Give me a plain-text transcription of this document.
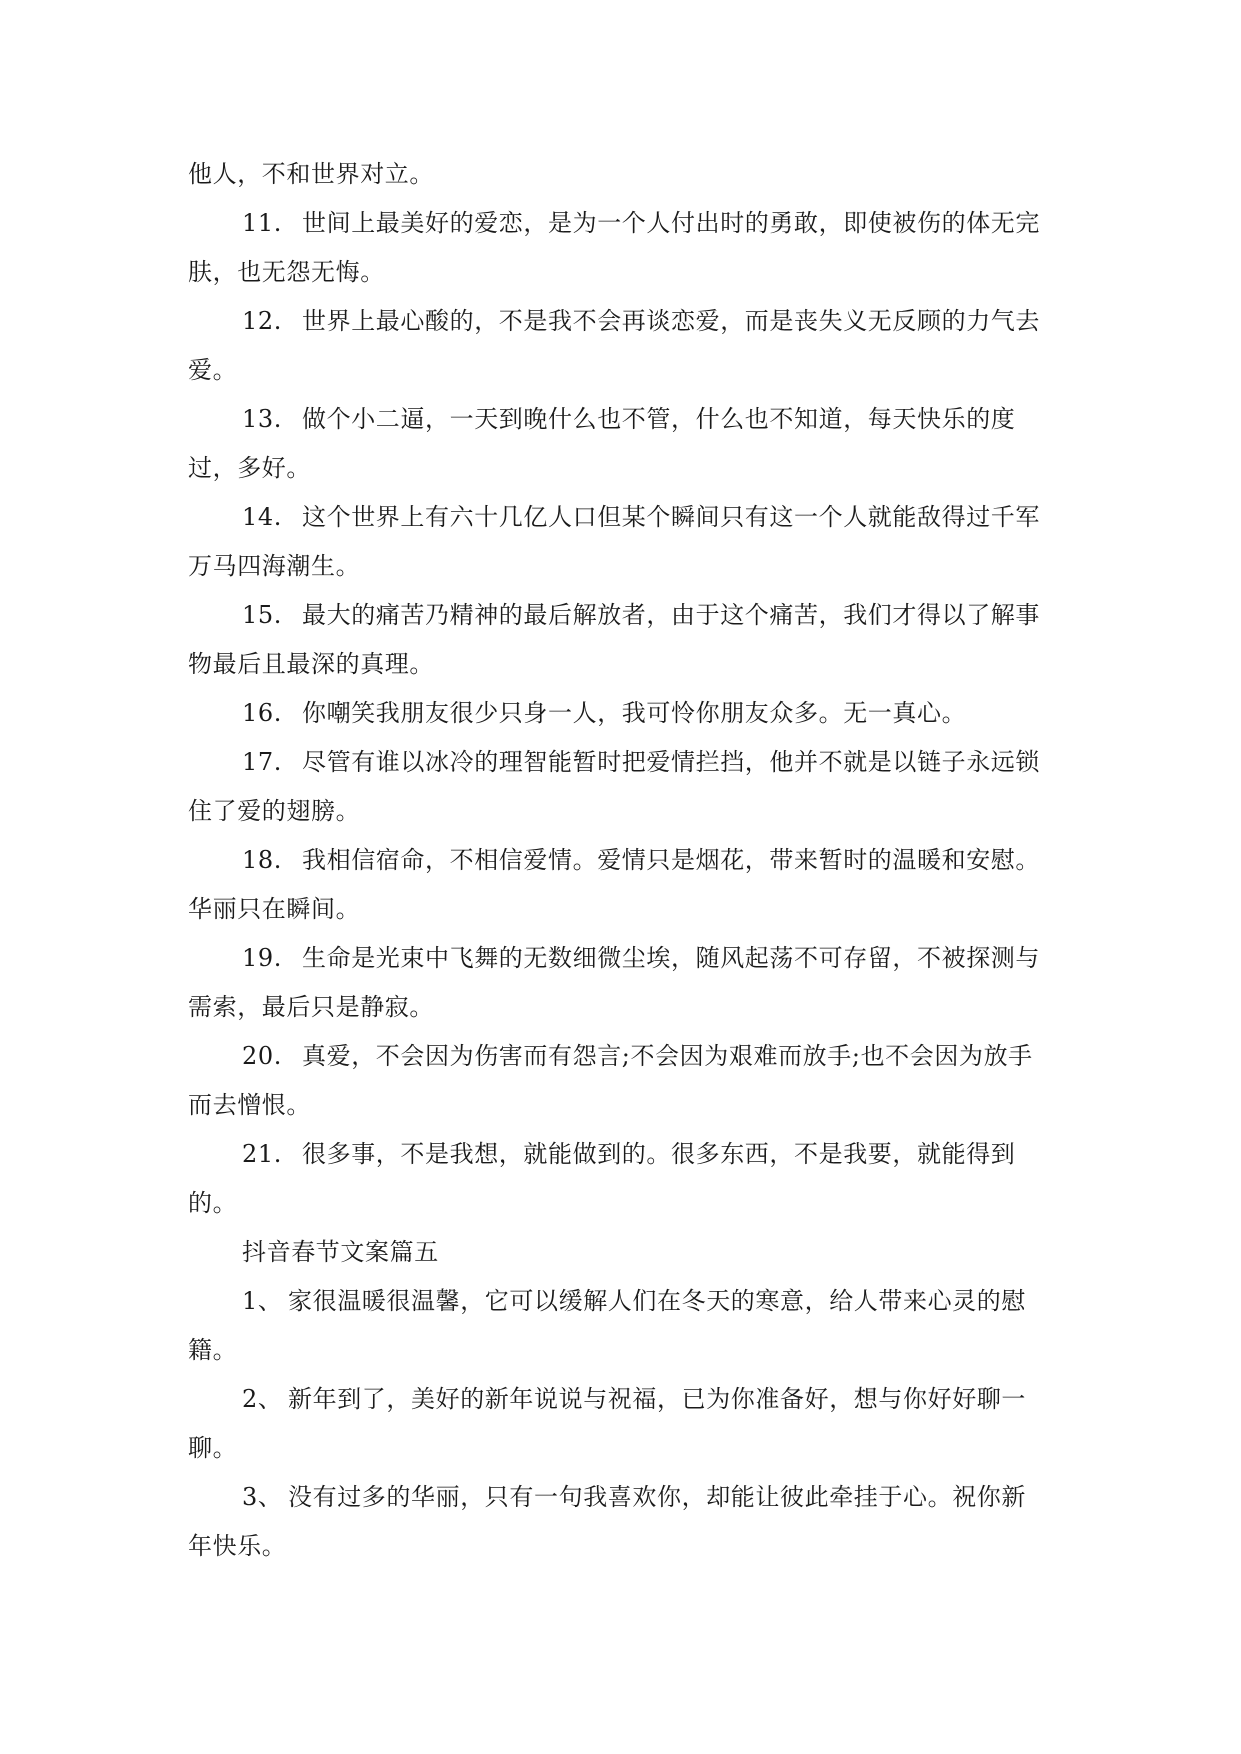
他人，不和世界对立。
11. 世间上最美好的爱恋，是为一个人付出时的勇敢，即使被伤的体无完
肤，也无怨无悔。
12. 世界上最心酸的，不是我不会再谈恋爱，而是丧失义无反顾的力气去
爱。
13. 做个小二逼，一天到晚什么也不管，什么也不知道，每天快乐的度
过，多好。
14. 这个世界上有六十几亿人口但某个瞬间只有这一个人就能敌得过千军
万马四海潮生。
15. 最大的痛苦乃精神的最后解放者，由于这个痛苦，我们才得以了解事
物最后且最深的真理。
16. 你嘲笑我朋友很少只身一人，我可怜你朋友众多。无一真心。
17. 尽管有谁以冰冷的理智能暂时把爱情拦挡，他并不就是以链子永远锁
住了爱的翅膀。
18. 我相信宿命，不相信爱情。爱情只是烟花，带来暂时的温暖和安慰。
华丽只在瞬间。
19. 生命是光束中飞舞的无数细微尘埃，随风起荡不可存留，不被探测与
需索，最后只是静寂。
20. 真爱，不会因为伤害而有怨言;不会因为艰难而放手;也不会因为放手
而去憎恨。
21. 很多事，不是我想，就能做到的。很多东西，不是我要，就能得到
的。
抖音春节文案篇五
1、 家很温暖很温馨，它可以缓解人们在冬天的寒意，给人带来心灵的慰
籍。
2、 新年到了，美好的新年说说与祝福，已为你准备好，想与你好好聊一
聊。
3、 没有过多的华丽，只有一句我喜欢你，却能让彼此牵挂于心。祝你新
年快乐。
